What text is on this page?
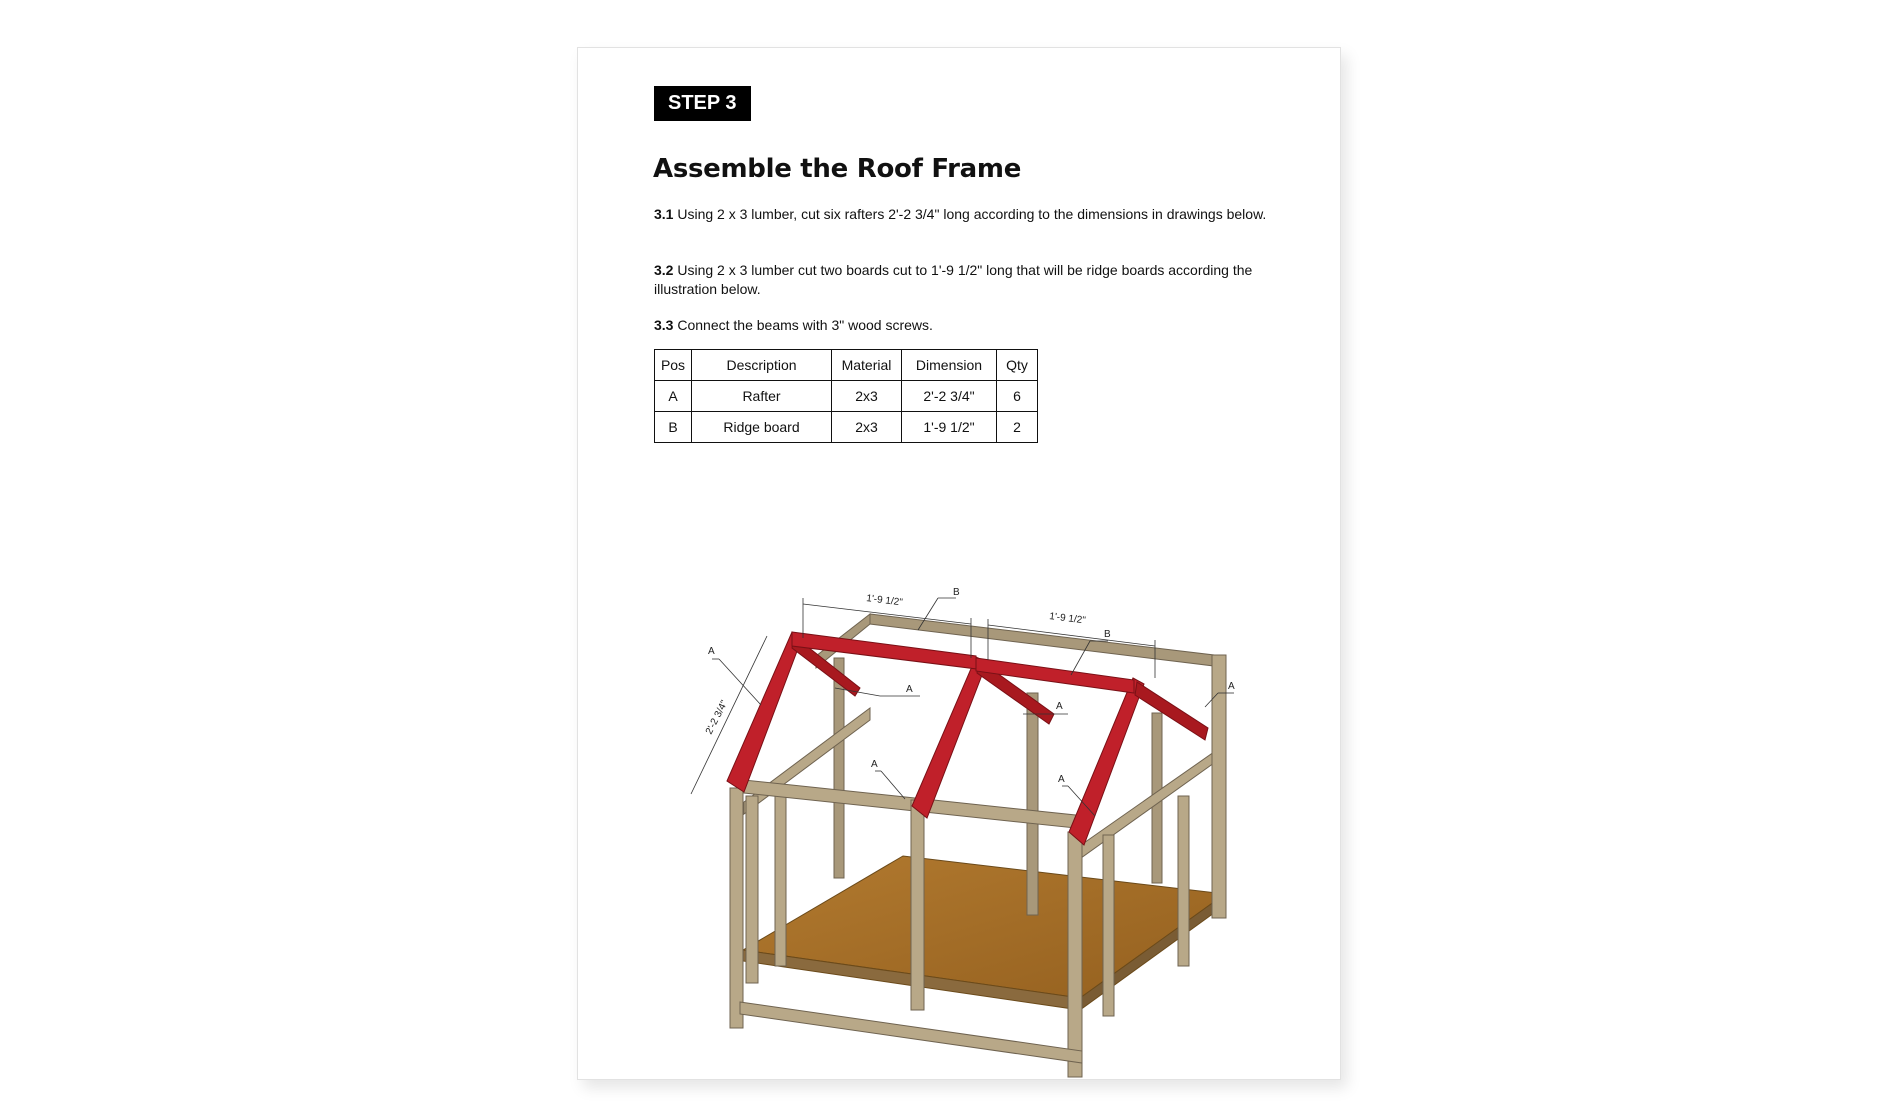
STEP 3
Assemble the Roof Frame

3.1 Using 2 x 3 lumber, cut six rafters 2'-2 3/4" long according to the dimensions in drawings below.

3.2 Using 2 x 3 lumber cut two boards cut to 1'-9 1/2" long that will be ridge boards according the illustration below.

3.3 Connect the beams with 3" wood screws.

Pos	Description	Material	Dimension	Qty
A	Rafter	2x3	2'-2 3/4"	6
B	Ridge board	2x3	1'-9 1/2"	2
1'-9 1/2"
1'-9 1/2"
2'-2 3/4"
B
B
A
A
A
A
A
A
